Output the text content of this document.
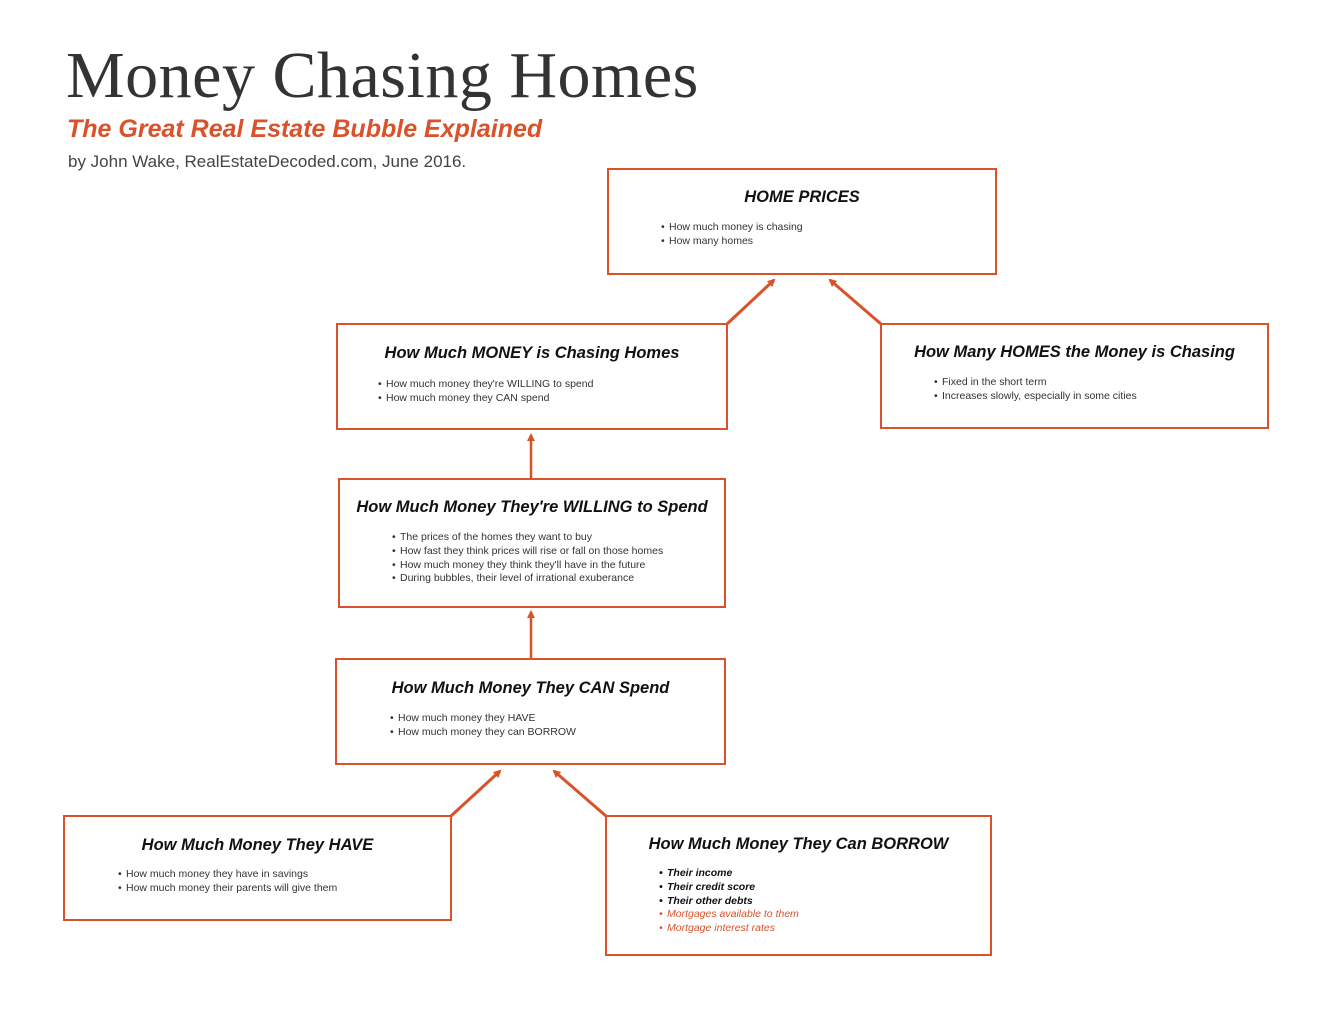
Money Chasing Homes
The Great Real Estate Bubble Explained
by John Wake, RealEstateDecoded.com, June 2016.
HOME PRICES
• How much money is chasing
• How many homes
How Much MONEY is Chasing Homes
• How much money they're WILLING to spend
• How much money they CAN spend
How Many HOMES the Money is Chasing
• Fixed in the short term
• Increases slowly, especially in some cities
How Much Money They're WILLING to Spend
• The prices of the homes they want to buy
• How fast they think prices will rise or fall on those homes
• How much money they think they'll have in the future
• During bubbles, their level of irrational exuberance
How Much Money They CAN Spend
• How much money they HAVE
• How much money they can BORROW
How Much Money They HAVE
• How much money they have in savings
• How much money their parents will give them
How Much Money They Can BORROW
• Their income
• Their credit score
• Their other debts
• Mortgages available to them
• Mortgage interest rates
